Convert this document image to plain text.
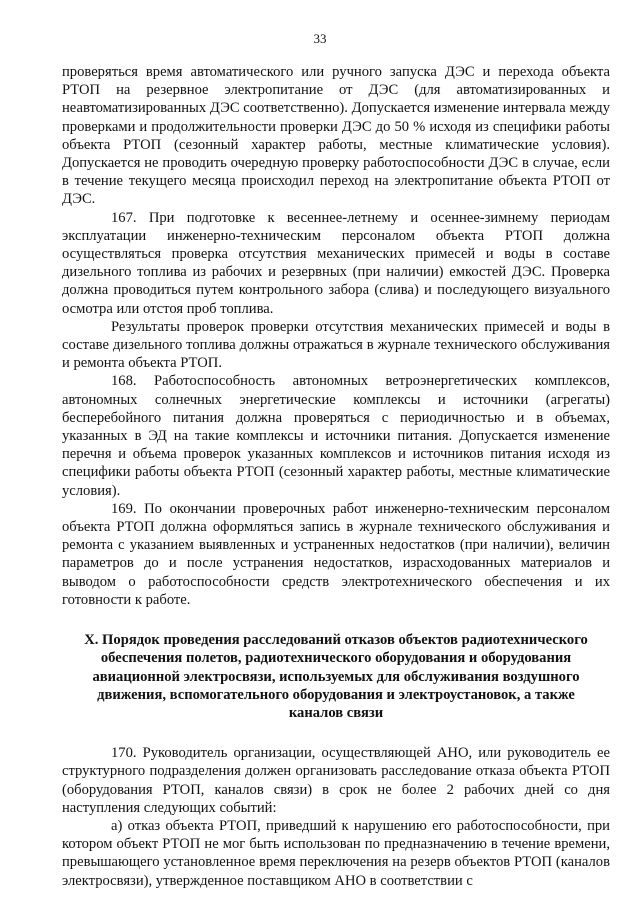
33

проверяться время автоматического или ручного запуска ДЭС и перехода объекта РТОП на резервное электропитание от ДЭС (для автоматизированных и неавтоматизированных ДЭС соответственно). Допускается изменение интервала между проверками и продолжительности проверки ДЭС до 50 % исходя из специфики работы объекта РТОП (сезонный характер работы, местные климатические условия). Допускается не проводить очередную проверку работоспособности ДЭС в случае, если в течение текущего месяца происходил переход на электропитание объекта РТОП от ДЭС.

167. При подготовке к весеннее-летнему и осеннее-зимнему периодам эксплуатации инженерно-техническим персоналом объекта РТОП должна осуществляться проверка отсутствия механических примесей и воды в составе дизельного топлива из рабочих и резервных (при наличии) емкостей ДЭС. Проверка должна проводиться путем контрольного забора (слива) и последующего визуального осмотра или отстоя проб топлива.

Результаты проверок проверки отсутствия механических примесей и воды в составе дизельного топлива должны отражаться в журнале технического обслуживания и ремонта объекта РТОП.

168. Работоспособность автономных ветроэнергетических комплексов, автономных солнечных энергетические комплексы и источники (агрегаты) бесперебойного питания должна проверяться с периодичностью и в объемах, указанных в ЭД на такие комплексы и источники питания. Допускается изменение перечня и объема проверок указанных комплексов и источников питания исходя из специфики работы объекта РТОП (сезонный характер работы, местные климатические условия).

169. По окончании проверочных работ инженерно-техническим персоналом объекта РТОП должна оформляться запись в журнале технического обслуживания и ремонта с указанием выявленных и устраненных недостатков (при наличии), величин параметров до и после устранения недостатков, израсходованных материалов и выводом о работоспособности средств электротехнического обеспечения и их готовности к работе.

X. Порядок проведения расследований отказов объектов радиотехнического обеспечения полетов, радиотехнического оборудования и оборудования авиационной электросвязи, используемых для обслуживания воздушного движения, вспомогательного оборудования и электроустановок, а также каналов связи

170. Руководитель организации, осуществляющей АНО, или руководитель ее структурного подразделения должен организовать расследование отказа объекта РТОП (оборудования РТОП, каналов связи) в срок не более 2 рабочих дней со дня наступления следующих событий:

а) отказ объекта РТОП, приведший к нарушению его работоспособности, при котором объект РТОП не мог быть использован по предназначению в течение времени, превышающего установленное время переключения на резерв объектов РТОП (каналов электросвязи), утвержденное поставщиком АНО в соответствии с
